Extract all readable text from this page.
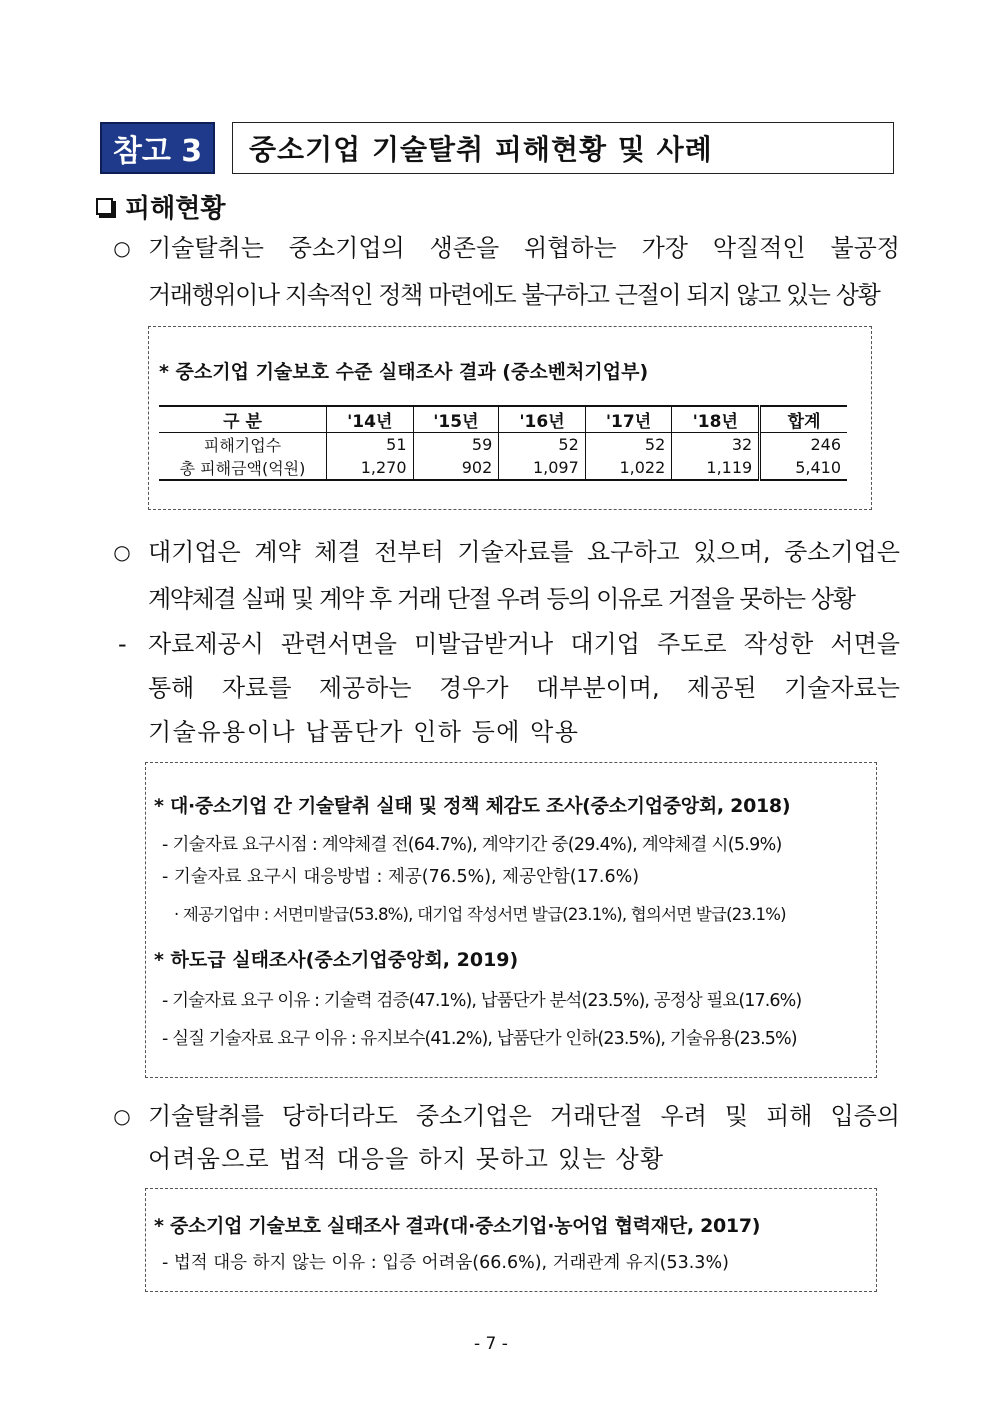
참고 3 중소기업 기술탈취 피해현황 및 사례
피해현황
○ 기술탈취는 중소기업의 생존을 위협하는 가장 악질적인 불공정
거래행위이나 지속적인 정책 마련에도 불구하고 근절이 되지 않고 있는 상황
* 중소기업 기술보호 수준 실태조사 결과 (중소벤처기업부)
구 분	'14년	'15년	'16년	'17년	'18년	합계
피해기업수	51	59	52	52	32	246
총 피해금액(억원)	1,270	902	1,097	1,022	1,119	5,410
○ 대기업은 계약 체결 전부터 기술자료를 요구하고 있으며, 중소기업은
계약체결 실패 및 계약 후 거래 단절 우려 등의 이유로 거절을 못하는 상황
- 자료제공시 관련서면을 미발급받거나 대기업 주도로 작성한 서면을
통해 자료를 제공하는 경우가 대부분이며, 제공된 기술자료는
기술유용이나 납품단가 인하 등에 악용
* 대·중소기업 간 기술탈취 실태 및 정책 체감도 조사(중소기업중앙회, 2018)
- 기술자료 요구시점 : 계약체결 전(64.7%), 계약기간 중(29.4%), 계약체결 시(5.9%)
- 기술자료 요구시 대응방법 : 제공(76.5%), 제공안함(17.6%)
· 제공기업中 : 서면미발급(53.8%), 대기업 작성서면 발급(23.1%), 협의서면 발급(23.1%)
* 하도급 실태조사(중소기업중앙회, 2019)
- 기술자료 요구 이유 : 기술력 검증(47.1%), 납품단가 분석(23.5%), 공정상 필요(17.6%)
- 실질 기술자료 요구 이유 : 유지보수(41.2%), 납품단가 인하(23.5%), 기술유용(23.5%)
○ 기술탈취를 당하더라도 중소기업은 거래단절 우려 및 피해 입증의
어려움으로 법적 대응을 하지 못하고 있는 상황
* 중소기업 기술보호 실태조사 결과(대·중소기업·농어업 협력재단, 2017)
- 법적 대응 하지 않는 이유 : 입증 어려움(66.6%), 거래관계 유지(53.3%)
- 7 -
